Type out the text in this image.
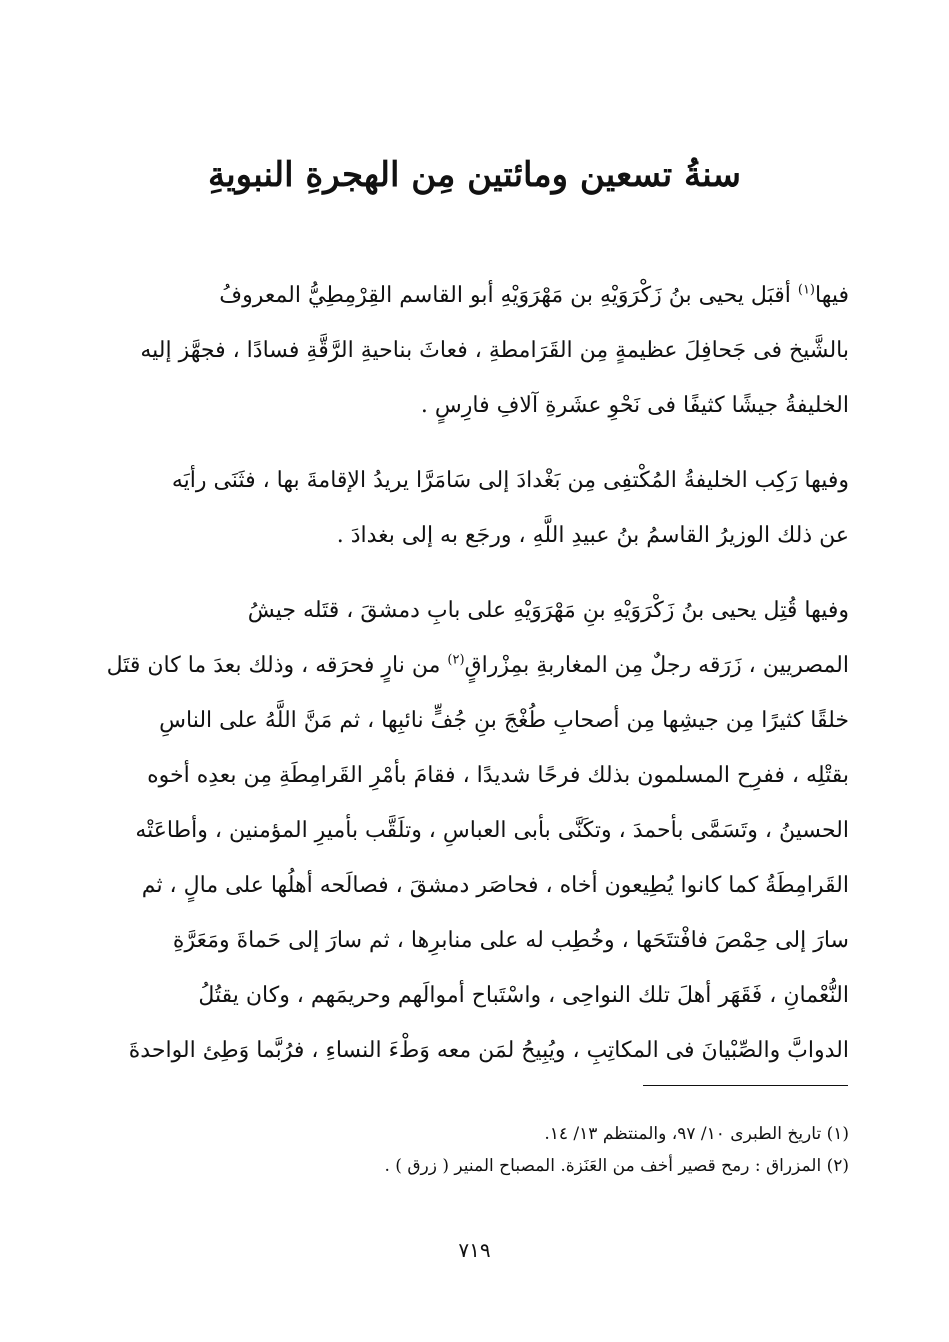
سنةُ تسعين ومائتين مِن الهجرةِ النبويةِ

فيها$^{(١)}$ أقبَل يحيى بنُ زَكْرَوَيْهِ بن مَهْرَوَيْهِ أبو القاسم القِرْمِطِيُّ المعروفُ
بالشَّيخ فى جَحافِلَ عظيمةٍ مِن القَرَامطةِ ، فعاثَ بناحيةِ الرَّقَّةِ فسادًا ، فجهَّز إليه
الخليفةُ جيشًا كثيفًا فى نَحْوِ عشَرةِ آلافِ فارِسٍ .

وفيها رَكِب الخليفةُ المُكْتفِى مِن بَغْدادَ إلى سَامَرَّا يريدُ الإقامةَ بها ، فثَنَى رأيَه
عن ذلك الوزيرُ القاسمُ بنُ عبيدِ اللَّهِ ، ورجَع به إلى بغدادَ .

وفيها قُتِل يحيى بنُ زَكْرَوَيْهِ بنِ مَهْرَوَيْهِ على بابِ دمشقَ ، قتَله جيشُ
المصريين ، زَرَقه رجلٌ مِن المغاربةِ بمِزْراقٍ$^{(٢)}$ من نارٍ فحرَقه ، وذلك بعدَ ما كان قتَل
خلقًا كثيرًا مِن جيشِها مِن أصحابِ طُغْجَ بنِ جُفٍّ نائبِها ، ثم مَنَّ اللَّهُ على الناسِ
بقتْلِه ، ففرِح المسلمون بذلك فرحًا شديدًا ، فقامَ بأمْرِ القَرامِطَةِ مِن بعدِه أخوه
الحسينُ ، وتَسَمَّى بأحمدَ ، وتكَنَّى بأبى العباسِ ، وتلَقَّب بأميرِ المؤمنين ، وأطاعَتْه
القَرامِطَةُ كما كانوا يُطِيعون أخاه ، فحاصَر دمشقَ ، فصالَحه أهلُها على مالٍ ، ثم
سارَ إلى حِمْصَ فافْتتَحَها ، وخُطِب له على منابرِها ، ثم سارَ إلى حَماةَ ومَعَرَّةِ
النُّعْمانِ ، فَقَهَر أهلَ تلك النواحِى ، واسْتَباح أموالَهم وحريمَهم ، وكان يقتُلُ
الدوابَّ والصِّبْيانَ فى المكاتِبِ ، ويُبِيحُ لمَن معه وَطْءَ النساءِ ، فرُبَّما وَطِئ الواحدةَ

(١) تاريخ الطبرى ١٠/ ٩٧، والمنتظم ١٣/ ١٤.
(٢) المزراق : رمح قصير أخف من العَنَزة. المصباح المنير ( زرق ) .
٧١٩
